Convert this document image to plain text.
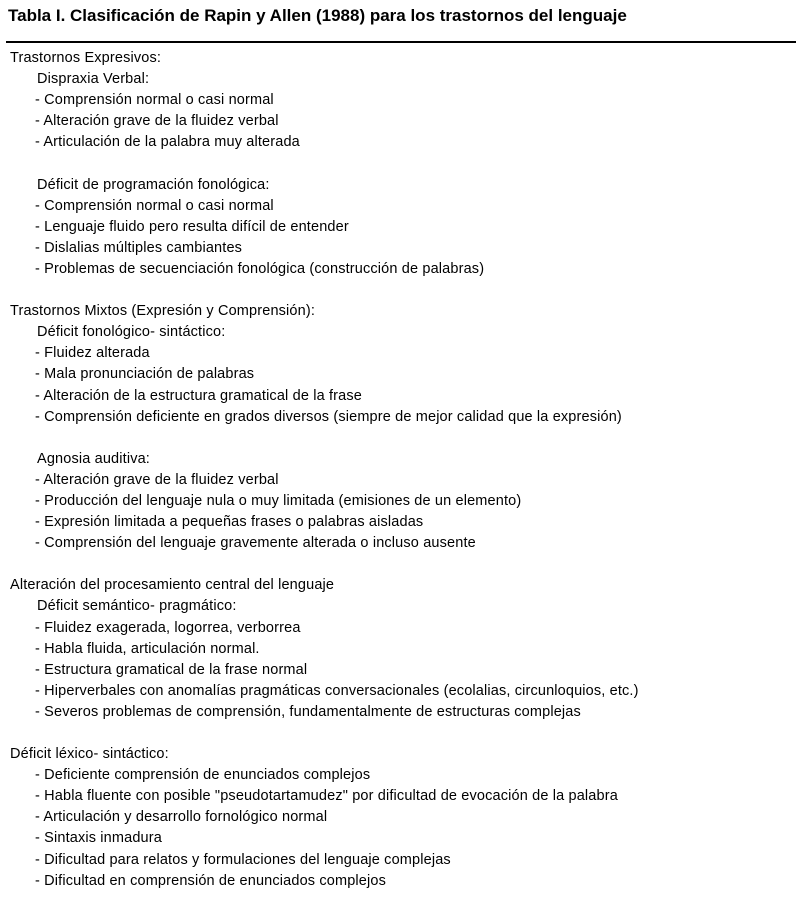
Tabla I. Clasificación de Rapin y Allen (1988) para los trastornos del lenguaje
Trastornos Expresivos:
Dispraxia Verbal:
- Comprensión normal o casi normal
- Alteración grave de la fluidez verbal
- Articulación de la palabra muy alterada
Déficit de programación fonológica:
- Comprensión normal o casi normal
- Lenguaje fluido pero resulta difícil de entender
- Dislalias múltiples cambiantes
- Problemas de secuenciación fonológica (construcción de palabras)
Trastornos Mixtos (Expresión y Comprensión):
Déficit fonológico- sintáctico:
- Fluidez alterada
- Mala pronunciación de palabras
- Alteración de la estructura gramatical de la frase
- Comprensión deficiente en grados diversos (siempre de mejor calidad que la expresión)
Agnosia auditiva:
- Alteración grave de la fluidez verbal
- Producción del lenguaje nula o muy limitada (emisiones de un elemento)
- Expresión limitada a pequeñas frases o palabras aisladas
- Comprensión del lenguaje gravemente alterada o incluso ausente
Alteración del procesamiento central del lenguaje
Déficit semántico- pragmático:
- Fluidez exagerada, logorrea, verborrea
- Habla fluida, articulación normal.
- Estructura gramatical de la frase normal
- Hiperverbales con anomalías pragmáticas conversacionales (ecolalias, circunloquios, etc.)
- Severos problemas de comprensión, fundamentalmente de estructuras complejas
Déficit léxico- sintáctico:
- Deficiente comprensión de enunciados complejos
- Habla fluente con posible "pseudotartamudez" por dificultad de evocación de la palabra
- Articulación y desarrollo fornológico normal
- Sintaxis inmadura
- Dificultad para relatos y formulaciones del lenguaje complejas
- Dificultad en comprensión de enunciados complejos
